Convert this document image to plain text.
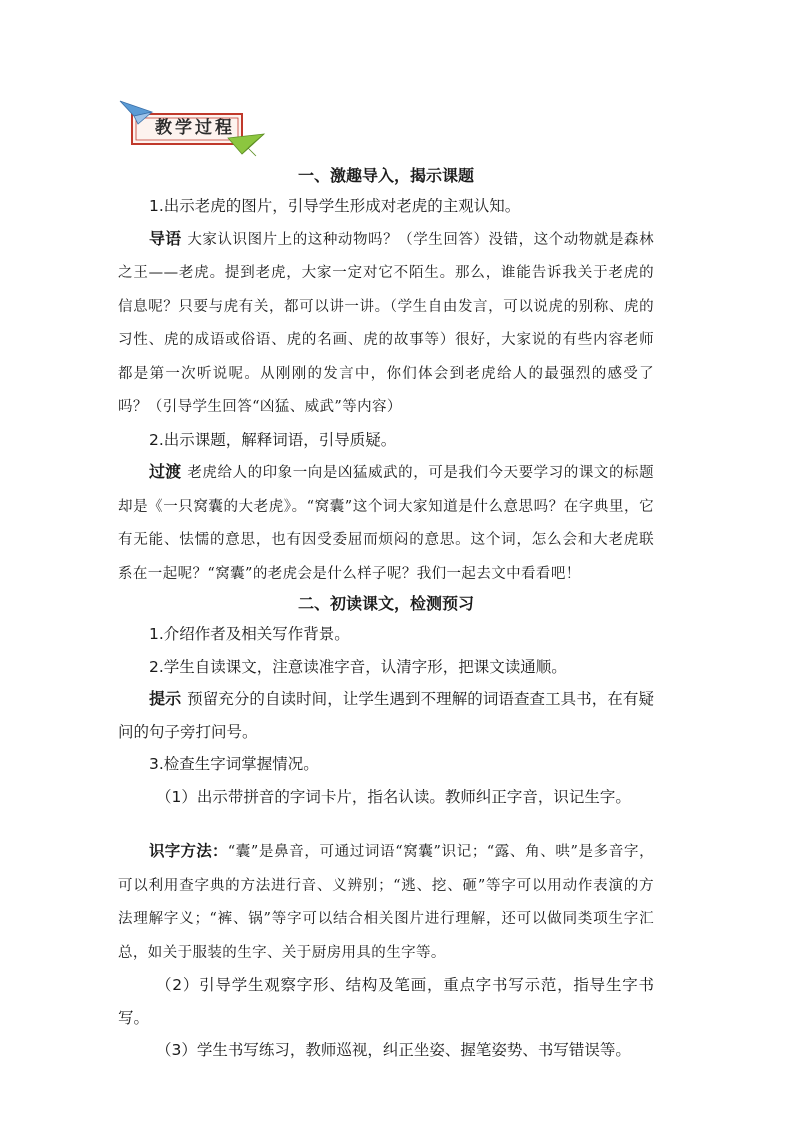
教学过程
一、激趣导入，揭示课题

1.出示老虎的图片，引导学生形成对老虎的主观认知。

导语 大家认识图片上的这种动物吗？（学生回答）没错，这个动物就是森林之王——老虎。提到老虎，大家一定对它不陌生。那么，谁能告诉我关于老虎的信息呢？只要与虎有关，都可以讲一讲。（学生自由发言，可以说虎的别称、虎的习性、虎的成语或俗语、虎的名画、虎的故事等）很好，大家说的有些内容老师都是第一次听说呢。从刚刚的发言中，你们体会到老虎给人的最强烈的感受了吗？（引导学生回答“凶猛、威武”等内容）

2.出示课题，解释词语，引导质疑。

过渡 老虎给人的印象一向是凶猛威武的，可是我们今天要学习的课文的标题却是《一只窝囊的大老虎》。“窝囊”这个词大家知道是什么意思吗？在字典里，它有无能、怯懦的意思，也有因受委屈而烦闷的意思。这个词，怎么会和大老虎联系在一起呢？“窝囊”的老虎会是什么样子呢？我们一起去文中看看吧！

二、初读课文，检测预习

1.介绍作者及相关写作背景。

2.学生自读课文，注意读准字音，认清字形，把课文读通顺。

提示 预留充分的自读时间，让学生遇到不理解的词语查查工具书，在有疑问的句子旁打问号。

3.检查生字词掌握情况。

（1）出示带拼音的字词卡片，指名认读。教师纠正字音，识记生字。

识字方法：“囊”是鼻音，可通过词语“窝囊”识记；“露、角、哄”是多音字，可以利用查字典的方法进行音、义辨别；“逃、挖、砸”等字可以用动作表演的方法理解字义；“裤、锅”等字可以结合相关图片进行理解，还可以做同类项生字汇总，如关于服装的生字、关于厨房用具的生字等。

（2）引导学生观察字形、结构及笔画，重点字书写示范，指导生字书写。

（3）学生书写练习，教师巡视，纠正坐姿、握笔姿势、书写错误等。
